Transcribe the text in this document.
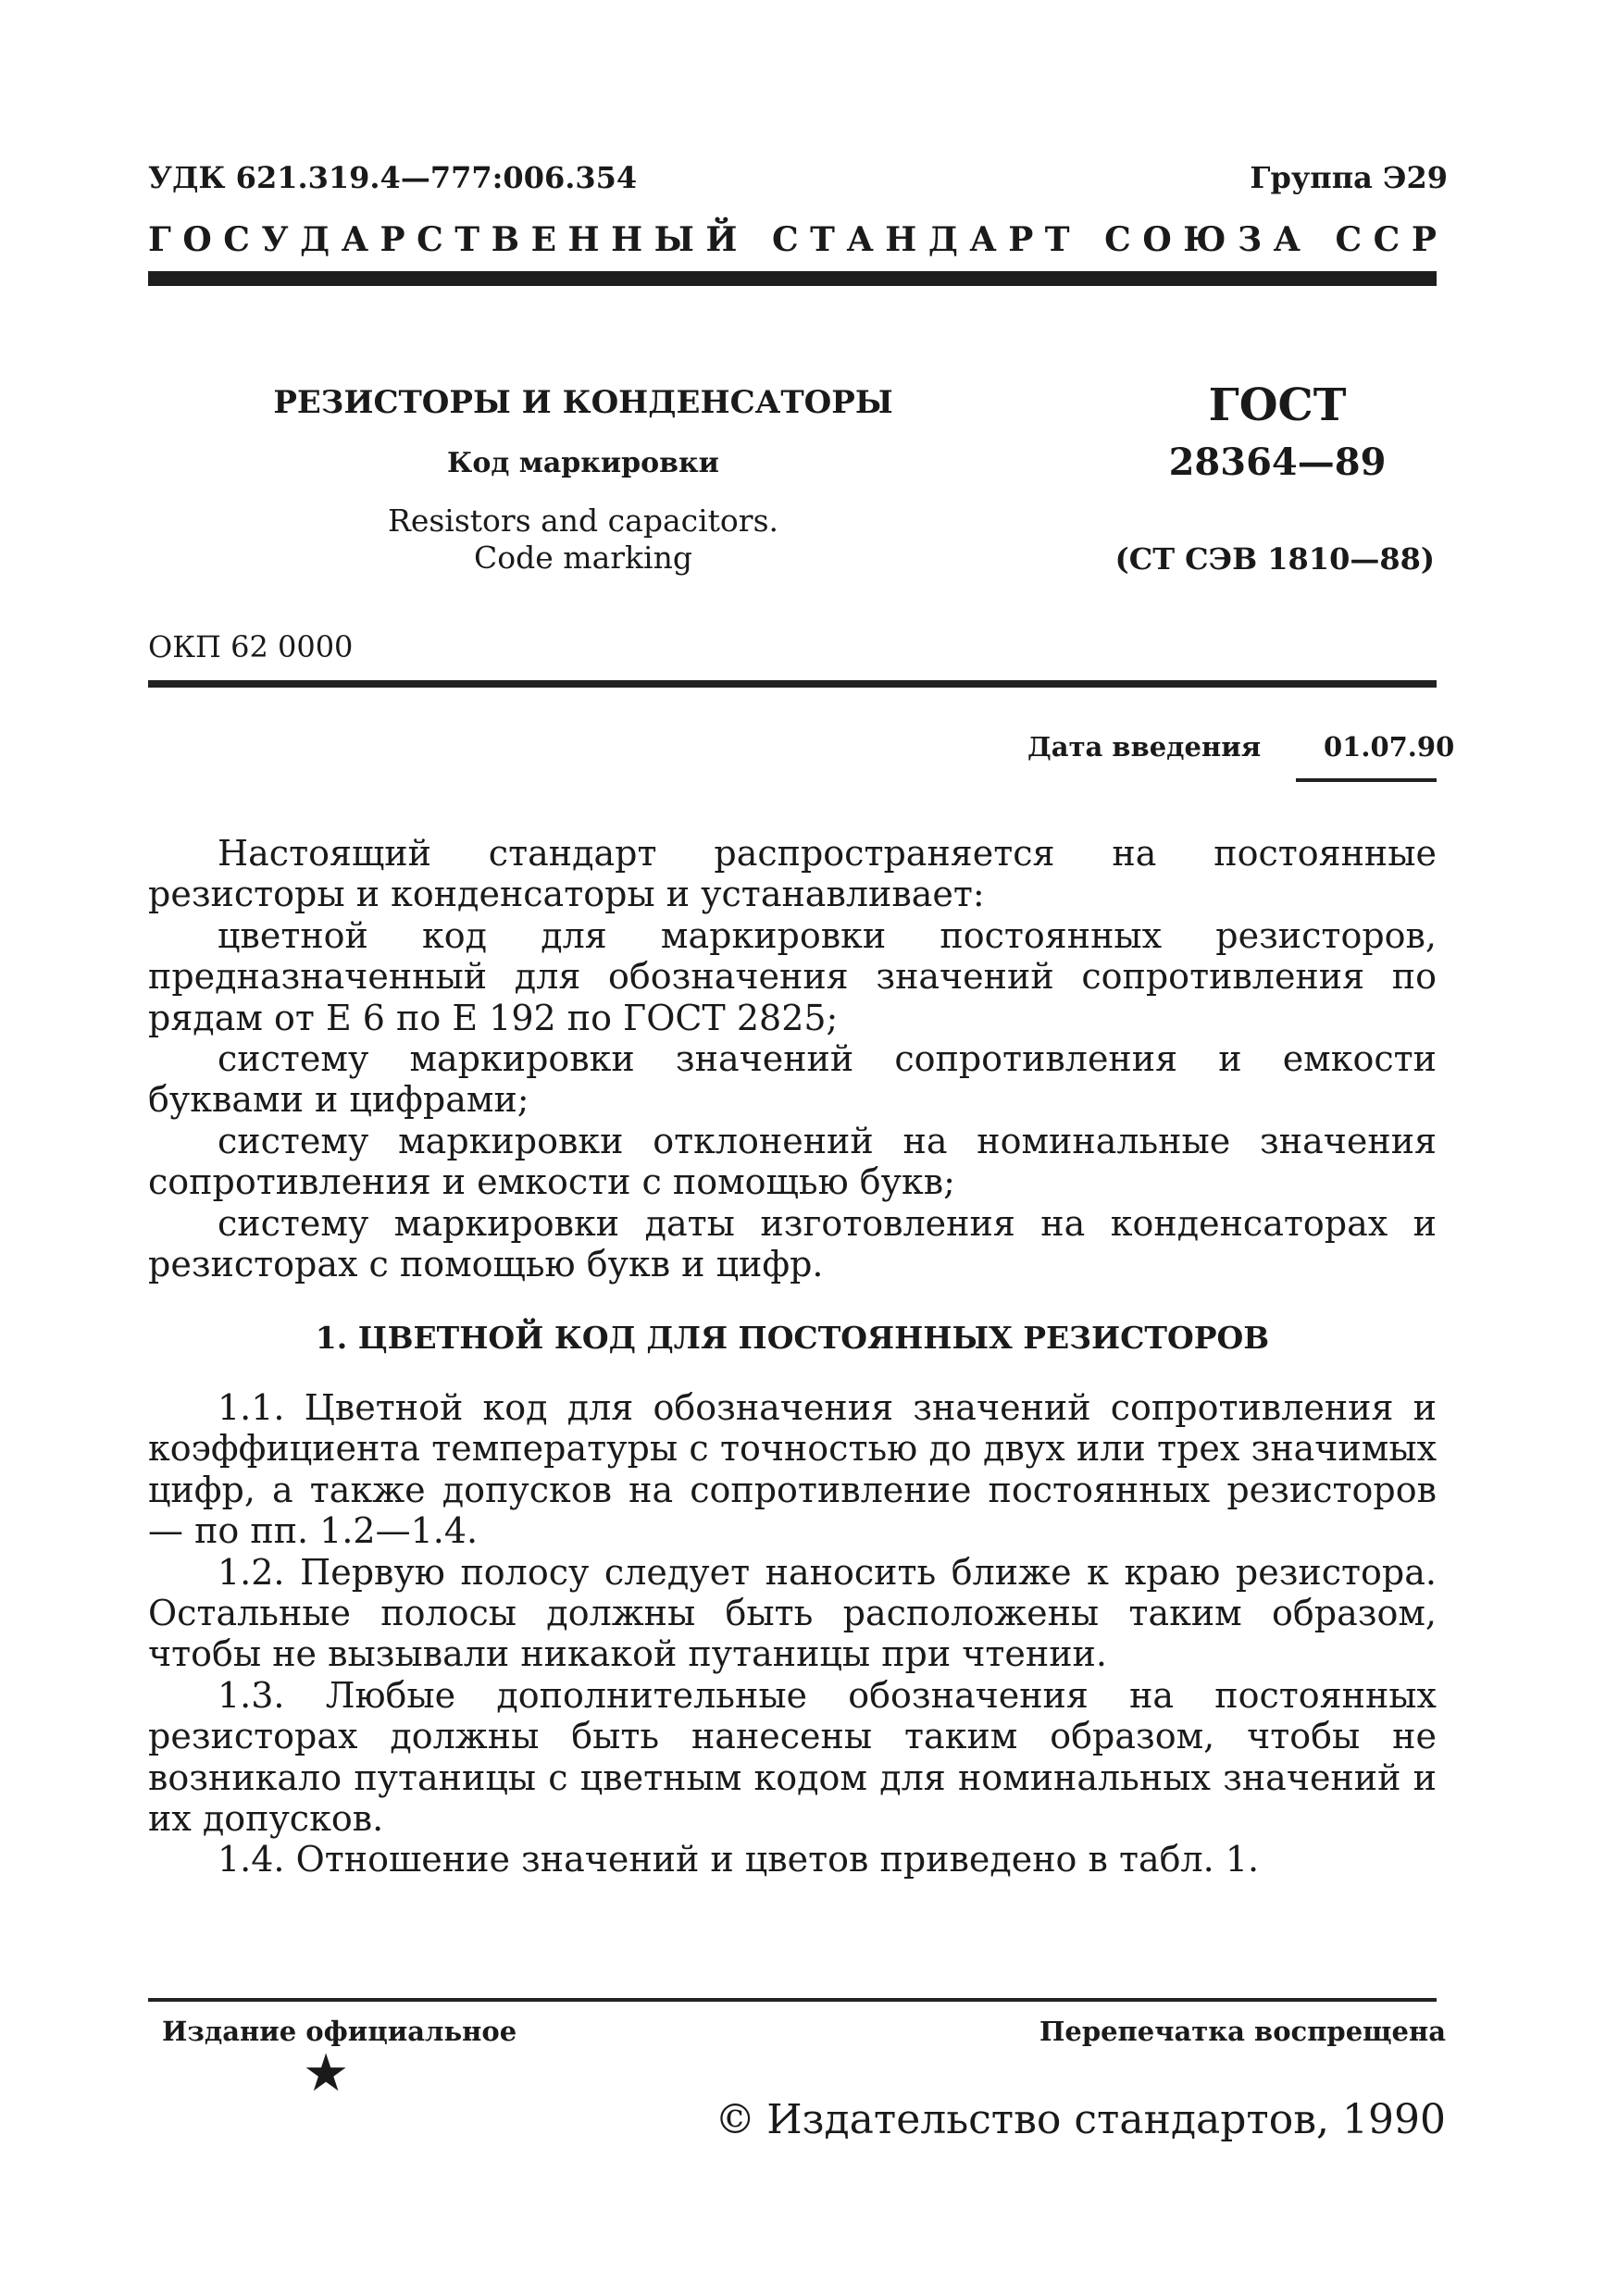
УДК 621.319.4—777:006.354	Группа Э29
Г О С У Д А Р С Т В Е Н Н Ы Й
С Т А Н Д А Р Т
С О Ю З А
С С Р
РЕЗИСТОРЫ И КОНДЕНСАТОРЫ
Код маркировки
Resistors and capacitors.
Code marking
ГОСТ
28364—89
(СТ СЭВ 1810—88)
ОКП 62 0000
Дата введения 01.07.90

Настоящий стандарт распространяется на постоянные резисторы и конденсаторы и устанавливает:

цветной код для маркировки постоянных резисторов, предназначенный для обозначения значений сопротивления по рядам от Е 6 по Е 192 по ГОСТ 2825;

систему маркировки значений сопротивления и емкости буквами и цифрами;

систему маркировки отклонений на номинальные значения сопротивления и емкости с помощью букв;

систему маркировки даты изготовления на конденсаторах и резисторах с помощью букв и цифр.

1. ЦВЕТНОЙ КОД ДЛЯ ПОСТОЯННЫХ РЕЗИСТОРОВ

1.1. Цветной код для обозначения значений сопротивления и коэффициента температуры с точностью до двух или трех значимых цифр, а также допусков на сопротивление постоянных резисторов — по пп. 1.2—1.4.

1.2. Первую полосу следует наносить ближе к краю резистора. Остальные полосы должны быть расположены таким образом, чтобы не вызывали никакой путаницы при чтении.

1.3. Любые дополнительные обозначения на постоянных резисторах должны быть нанесены таким образом, чтобы не возникало путаницы с цветным кодом для номинальных значений и их допусков.

1.4. Отношение значений и цветов приведено в табл. 1.

Издание официальное	Перепечатка воспрещена
★
© Издательство стандартов, 1990
